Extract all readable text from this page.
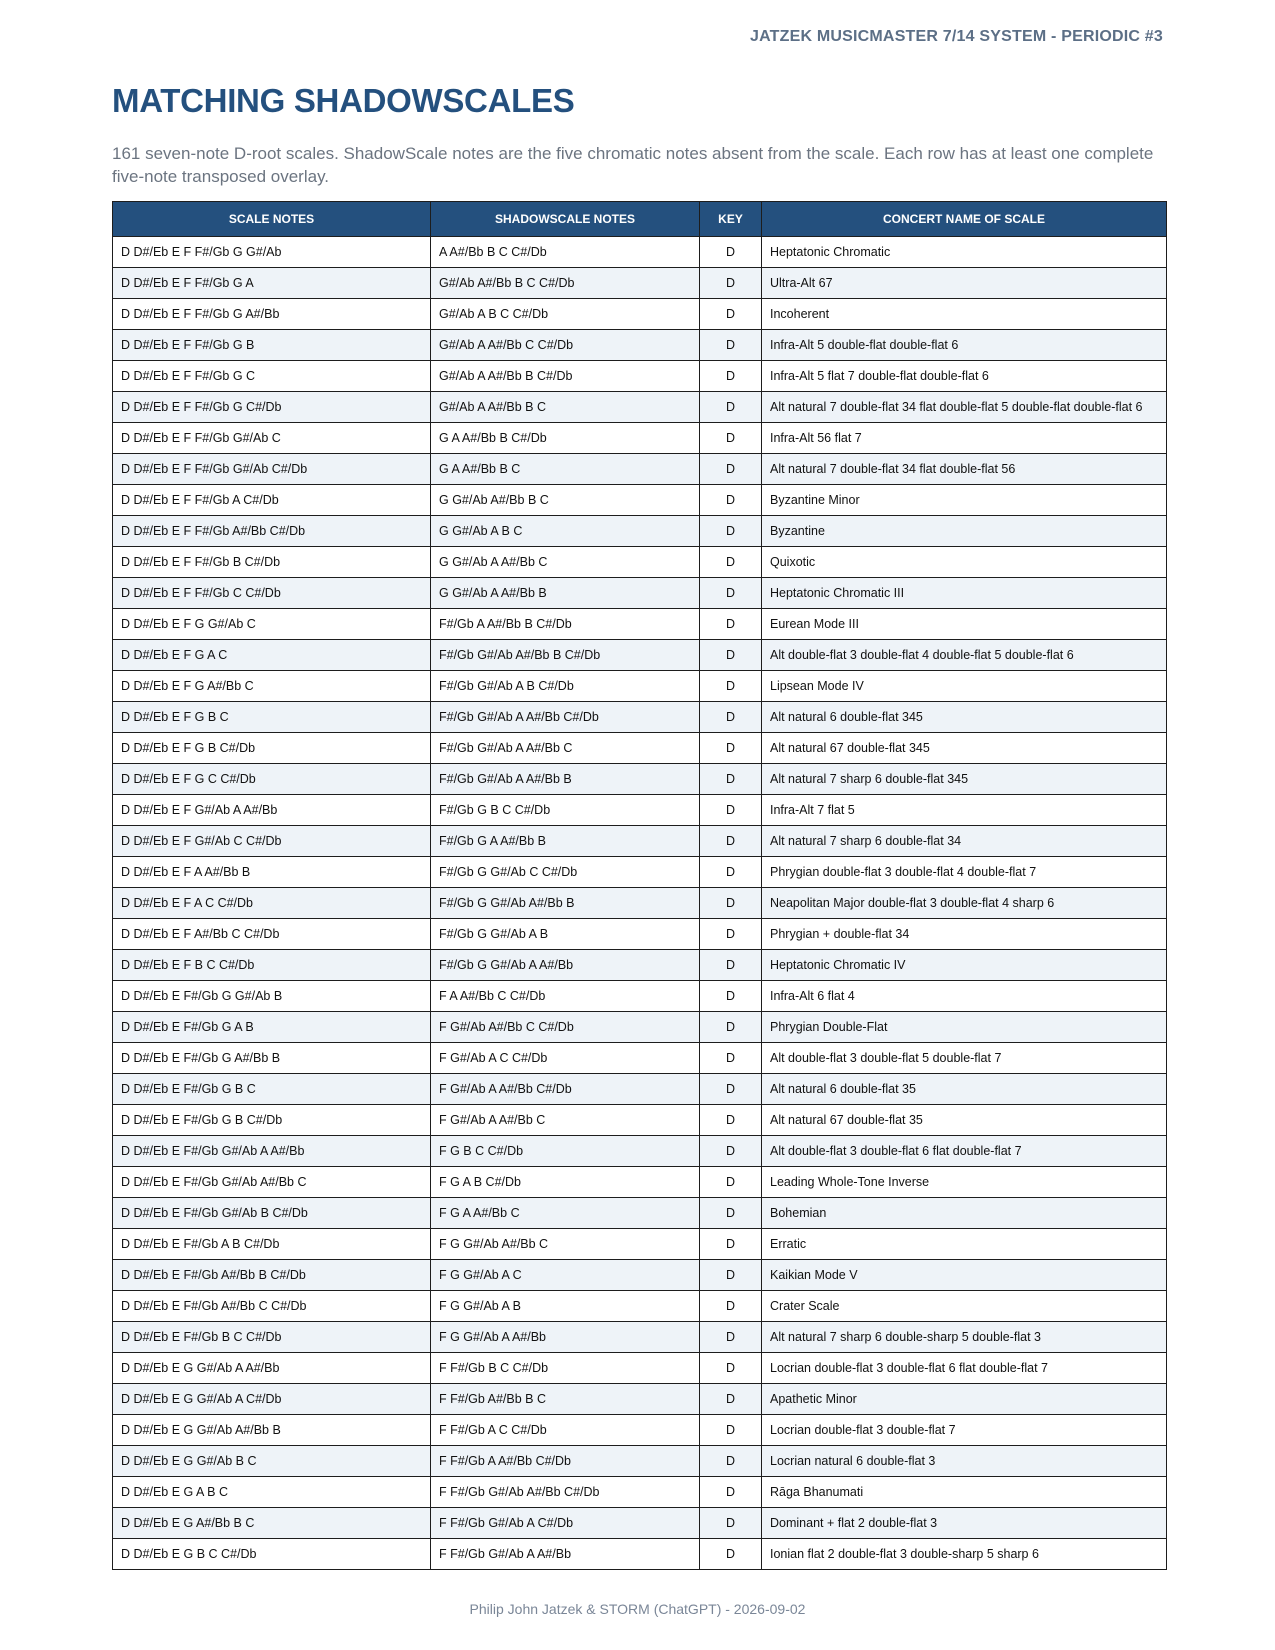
JATZEK MUSICMASTER 7/14 SYSTEM - PERIODIC #3
MATCHING SHADOWSCALES

161 seven-note D-root scales. ShadowScale notes are the five chromatic notes absent from the scale. Each row has at least one complete five-note transposed overlay.

SCALE NOTES	SHADOWSCALE NOTES	KEY	CONCERT NAME OF SCALE
D D#/Eb E F F#/Gb G G#/Ab	A A#/Bb B C C#/Db	D	Heptatonic Chromatic
D D#/Eb E F F#/Gb G A	G#/Ab A#/Bb B C C#/Db	D	Ultra-Alt 67
D D#/Eb E F F#/Gb G A#/Bb	G#/Ab A B C C#/Db	D	Incoherent
D D#/Eb E F F#/Gb G B	G#/Ab A A#/Bb C C#/Db	D	Infra-Alt 5 double-flat double-flat 6
D D#/Eb E F F#/Gb G C	G#/Ab A A#/Bb B C#/Db	D	Infra-Alt 5 flat 7 double-flat double-flat 6
D D#/Eb E F F#/Gb G C#/Db	G#/Ab A A#/Bb B C	D	Alt natural 7 double-flat 34 flat double-flat 5 double-flat double-flat 6
D D#/Eb E F F#/Gb G#/Ab C	G A A#/Bb B C#/Db	D	Infra-Alt 56 flat 7
D D#/Eb E F F#/Gb G#/Ab C#/Db	G A A#/Bb B C	D	Alt natural 7 double-flat 34 flat double-flat 56
D D#/Eb E F F#/Gb A C#/Db	G G#/Ab A#/Bb B C	D	Byzantine Minor
D D#/Eb E F F#/Gb A#/Bb C#/Db	G G#/Ab A B C	D	Byzantine
D D#/Eb E F F#/Gb B C#/Db	G G#/Ab A A#/Bb C	D	Quixotic
D D#/Eb E F F#/Gb C C#/Db	G G#/Ab A A#/Bb B	D	Heptatonic Chromatic III
D D#/Eb E F G G#/Ab C	F#/Gb A A#/Bb B C#/Db	D	Eurean Mode III
D D#/Eb E F G A C	F#/Gb G#/Ab A#/Bb B C#/Db	D	Alt double-flat 3 double-flat 4 double-flat 5 double-flat 6
D D#/Eb E F G A#/Bb C	F#/Gb G#/Ab A B C#/Db	D	Lipsean Mode IV
D D#/Eb E F G B C	F#/Gb G#/Ab A A#/Bb C#/Db	D	Alt natural 6 double-flat 345
D D#/Eb E F G B C#/Db	F#/Gb G#/Ab A A#/Bb C	D	Alt natural 67 double-flat 345
D D#/Eb E F G C C#/Db	F#/Gb G#/Ab A A#/Bb B	D	Alt natural 7 sharp 6 double-flat 345
D D#/Eb E F G#/Ab A A#/Bb	F#/Gb G B C C#/Db	D	Infra-Alt 7 flat 5
D D#/Eb E F G#/Ab C C#/Db	F#/Gb G A A#/Bb B	D	Alt natural 7 sharp 6 double-flat 34
D D#/Eb E F A A#/Bb B	F#/Gb G G#/Ab C C#/Db	D	Phrygian double-flat 3 double-flat 4 double-flat 7
D D#/Eb E F A C C#/Db	F#/Gb G G#/Ab A#/Bb B	D	Neapolitan Major double-flat 3 double-flat 4 sharp 6
D D#/Eb E F A#/Bb C C#/Db	F#/Gb G G#/Ab A B	D	Phrygian + double-flat 34
D D#/Eb E F B C C#/Db	F#/Gb G G#/Ab A A#/Bb	D	Heptatonic Chromatic IV
D D#/Eb E F#/Gb G G#/Ab B	F A A#/Bb C C#/Db	D	Infra-Alt 6 flat 4
D D#/Eb E F#/Gb G A B	F G#/Ab A#/Bb C C#/Db	D	Phrygian Double-Flat
D D#/Eb E F#/Gb G A#/Bb B	F G#/Ab A C C#/Db	D	Alt double-flat 3 double-flat 5 double-flat 7
D D#/Eb E F#/Gb G B C	F G#/Ab A A#/Bb C#/Db	D	Alt natural 6 double-flat 35
D D#/Eb E F#/Gb G B C#/Db	F G#/Ab A A#/Bb C	D	Alt natural 67 double-flat 35
D D#/Eb E F#/Gb G#/Ab A A#/Bb	F G B C C#/Db	D	Alt double-flat 3 double-flat 6 flat double-flat 7
D D#/Eb E F#/Gb G#/Ab A#/Bb C	F G A B C#/Db	D	Leading Whole-Tone Inverse
D D#/Eb E F#/Gb G#/Ab B C#/Db	F G A A#/Bb C	D	Bohemian
D D#/Eb E F#/Gb A B C#/Db	F G G#/Ab A#/Bb C	D	Erratic
D D#/Eb E F#/Gb A#/Bb B C#/Db	F G G#/Ab A C	D	Kaikian Mode V
D D#/Eb E F#/Gb A#/Bb C C#/Db	F G G#/Ab A B	D	Crater Scale
D D#/Eb E F#/Gb B C C#/Db	F G G#/Ab A A#/Bb	D	Alt natural 7 sharp 6 double-sharp 5 double-flat 3
D D#/Eb E G G#/Ab A A#/Bb	F F#/Gb B C C#/Db	D	Locrian double-flat 3 double-flat 6 flat double-flat 7
D D#/Eb E G G#/Ab A C#/Db	F F#/Gb A#/Bb B C	D	Apathetic Minor
D D#/Eb E G G#/Ab A#/Bb B	F F#/Gb A C C#/Db	D	Locrian double-flat 3 double-flat 7
D D#/Eb E G G#/Ab B C	F F#/Gb A A#/Bb C#/Db	D	Locrian natural 6 double-flat 3
D D#/Eb E G A B C	F F#/Gb G#/Ab A#/Bb C#/Db	D	Rāga Bhanumati
D D#/Eb E G A#/Bb B C	F F#/Gb G#/Ab A C#/Db	D	Dominant + flat 2 double-flat 3
D D#/Eb E G B C C#/Db	F F#/Gb G#/Ab A A#/Bb	D	Ionian flat 2 double-flat 3 double-sharp 5 sharp 6
Philip John Jatzek & STORM (ChatGPT) - 2026-09-02
